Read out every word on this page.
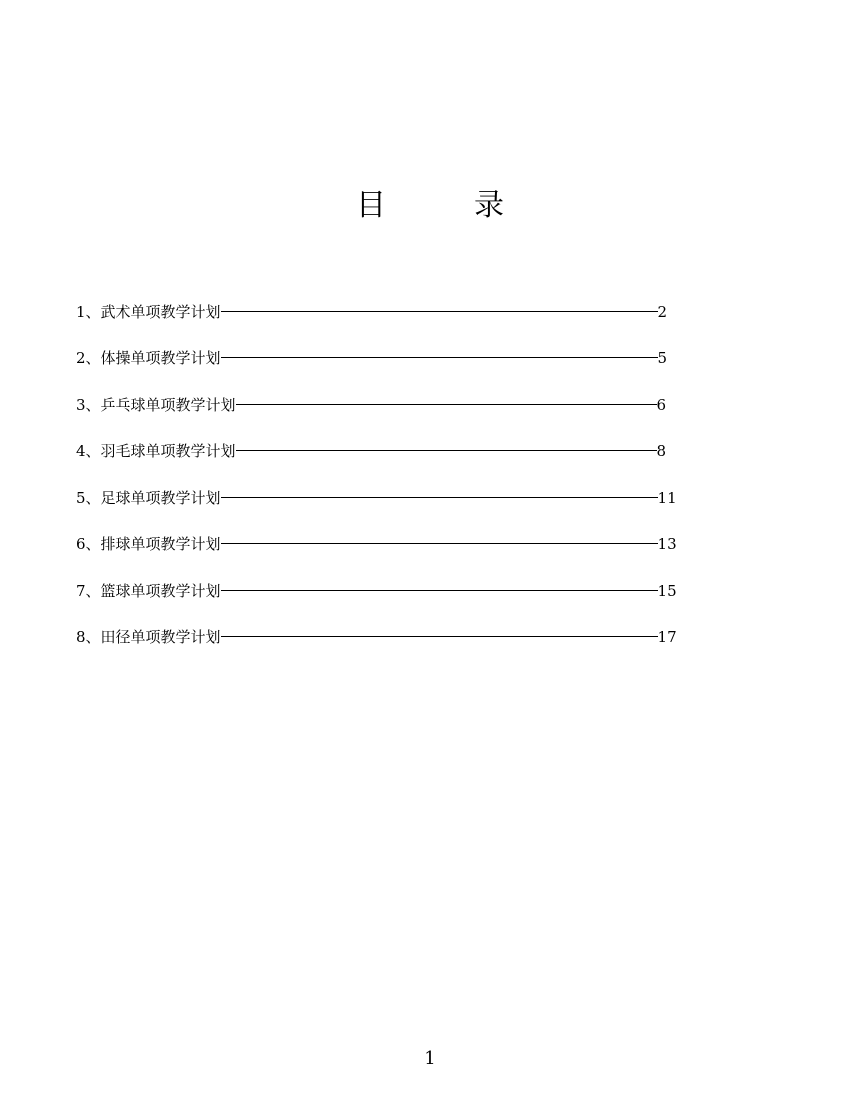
目	录
1、武术单项教学计划	2
2、体操单项教学计划	5
3、乒乓球单项教学计划	6
4、羽毛球单项教学计划	8
5、足球单项教学计划	11
6、排球单项教学计划	13
7、篮球单项教学计划	15
8、田径单项教学计划	17
1
